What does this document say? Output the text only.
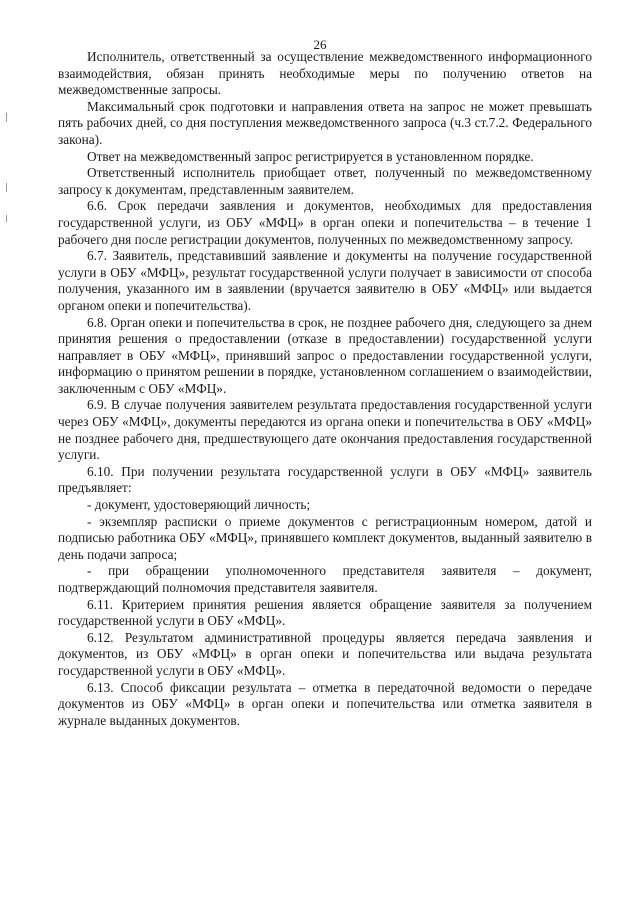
26

Исполнитель, ответственный за осуществление межведомственного информационного взаимодействия, обязан принять необходимые меры по получению ответов на межведомственные запросы.

Максимальный срок подготовки и направления ответа на запрос не может превышать пять рабочих дней, со дня поступления межведомственного запроса (ч.3 ст.7.2. Федерального закона).

Ответ на межведомственный запрос регистрируется в установленном порядке.

Ответственный исполнитель приобщает ответ, полученный по межведомственному запросу к документам, представленным заявителем.

6.6. Срок передачи заявления и документов, необходимых для предоставления государственной услуги, из ОБУ «МФЦ» в орган опеки и попечительства – в течение 1 рабочего дня после регистрации документов, полученных по межведомственному запросу.

6.7. Заявитель, представивший заявление и документы на получение государственной услуги в ОБУ «МФЦ», результат государственной услуги получает в зависимости от способа получения, указанного им в заявлении (вручается заявителю в ОБУ «МФЦ» или выдается органом опеки и попечительства).

6.8. Орган опеки и попечительства в срок, не позднее рабочего дня, следующего за днем принятия решения о предоставлении (отказе в предоставлении) государственной услуги направляет в ОБУ «МФЦ», принявший запрос о предоставлении государственной услуги, информацию о принятом решении в порядке, установленном соглашением о взаимодействии, заключенным с ОБУ «МФЦ».

6.9. В случае получения заявителем результата предоставления государственной услуги через ОБУ «МФЦ», документы передаются из органа опеки и попечительства в ОБУ «МФЦ» не позднее рабочего дня, предшествующего дате окончания предоставления государственной услуги.

6.10. При получении результата государственной услуги в ОБУ «МФЦ» заявитель предъявляет:

- документ, удостоверяющий личность;

- экземпляр расписки о приеме документов с регистрационным номером, датой и подписью работника ОБУ «МФЦ», принявшего комплект документов, выданный заявителю в день подачи запроса;

- при обращении уполномоченного представителя заявителя – документ, подтверждающий полномочия представителя заявителя.

6.11. Критерием принятия решения является обращение заявителя за получением государственной услуги в ОБУ «МФЦ».

6.12. Результатом административной процедуры является передача заявления и документов, из ОБУ «МФЦ» в орган опеки и попечительства или выдача результата государственной услуги в ОБУ «МФЦ».

6.13. Способ фиксации результата – отметка в передаточной ведомости о передаче документов из ОБУ «МФЦ» в орган опеки и попечительства или отметка заявителя в журнале выданных документов.
